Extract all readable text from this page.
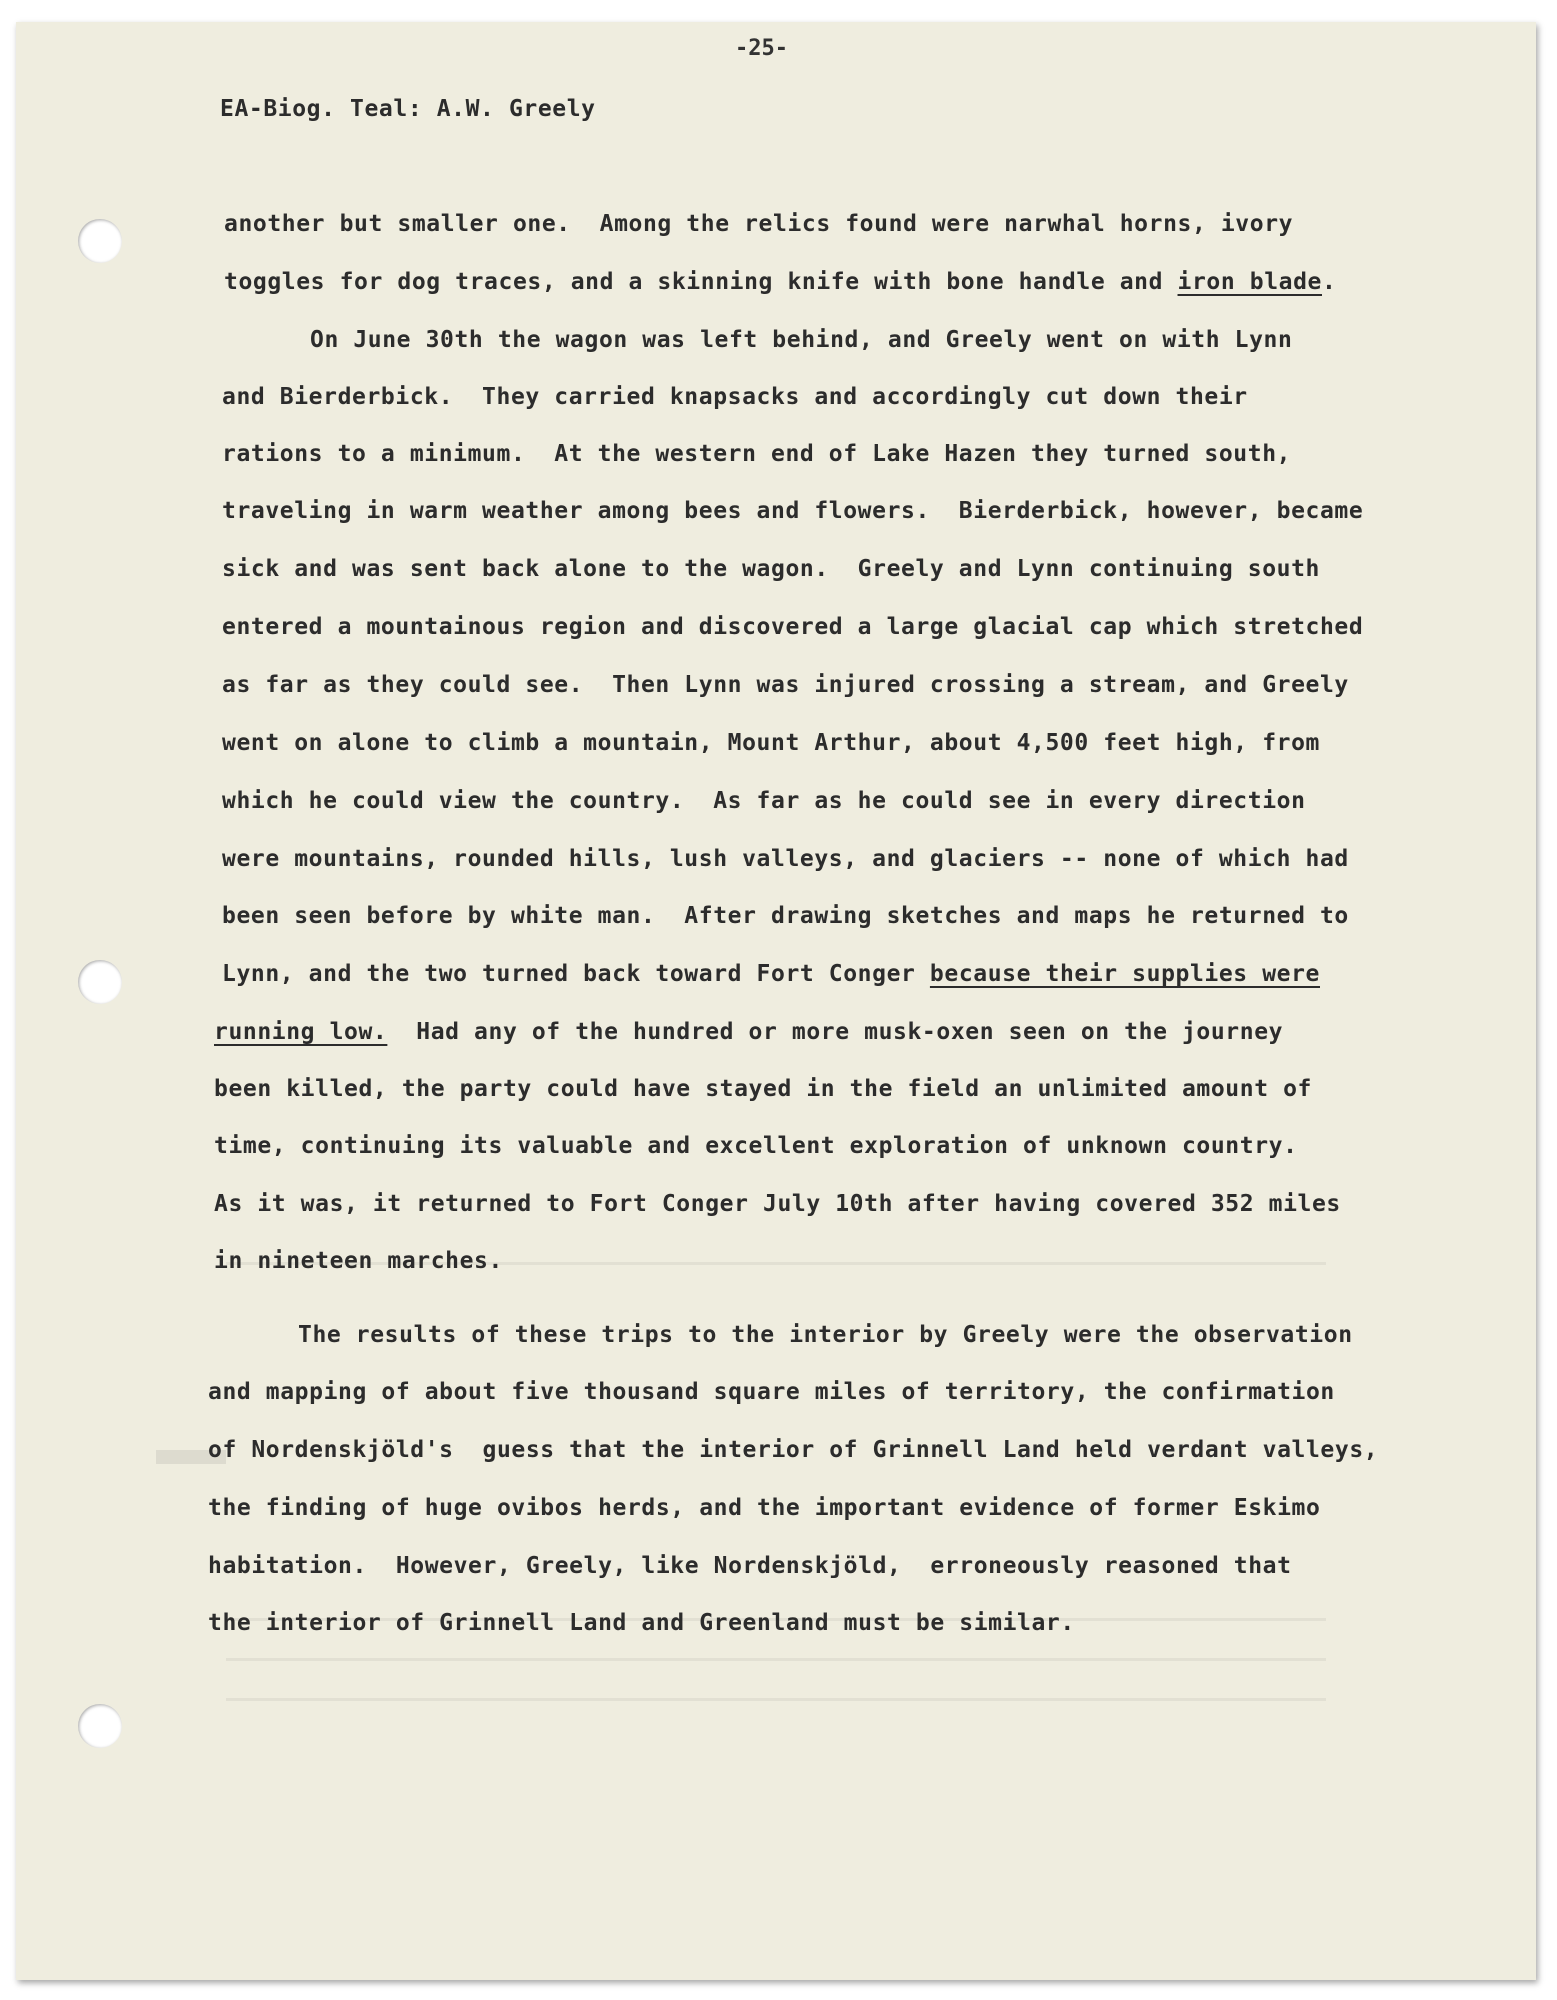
-25-
EA-Biog. Teal: A.W. Greely
another but smaller one.  Among the relics found were narwhal horns, ivory
toggles for dog traces, and a skinning knife with bone handle and iron blade.
On June 30th the wagon was left behind, and Greely went on with Lynn
and Bierderbick.  They carried knapsacks and accordingly cut down their
rations to a minimum.  At the western end of Lake Hazen they turned south,
traveling in warm weather among bees and flowers.  Bierderbick, however, became
sick and was sent back alone to the wagon.  Greely and Lynn continuing south
entered a mountainous region and discovered a large glacial cap which stretched
as far as they could see.  Then Lynn was injured crossing a stream, and Greely
went on alone to climb a mountain, Mount Arthur, about 4,500 feet high, from
which he could view the country.  As far as he could see in every direction
were mountains, rounded hills, lush valleys, and glaciers -- none of which had
been seen before by white man.  After drawing sketches and maps he returned to
Lynn, and the two turned back toward Fort Conger because their supplies were
running low.  Had any of the hundred or more musk-oxen seen on the journey
been killed, the party could have stayed in the field an unlimited amount of
time, continuing its valuable and excellent exploration of unknown country.
As it was, it returned to Fort Conger July 10th after having covered 352 miles
in nineteen marches.
The results of these trips to the interior by Greely were the observation
and mapping of about five thousand square miles of territory, the confirmation
of Nordenskjöld's  guess that the interior of Grinnell Land held verdant valleys,
the finding of huge ovibos herds, and the important evidence of former Eskimo
habitation.  However, Greely, like Nordenskjöld,  erroneously reasoned that
the interior of Grinnell Land and Greenland must be similar.
